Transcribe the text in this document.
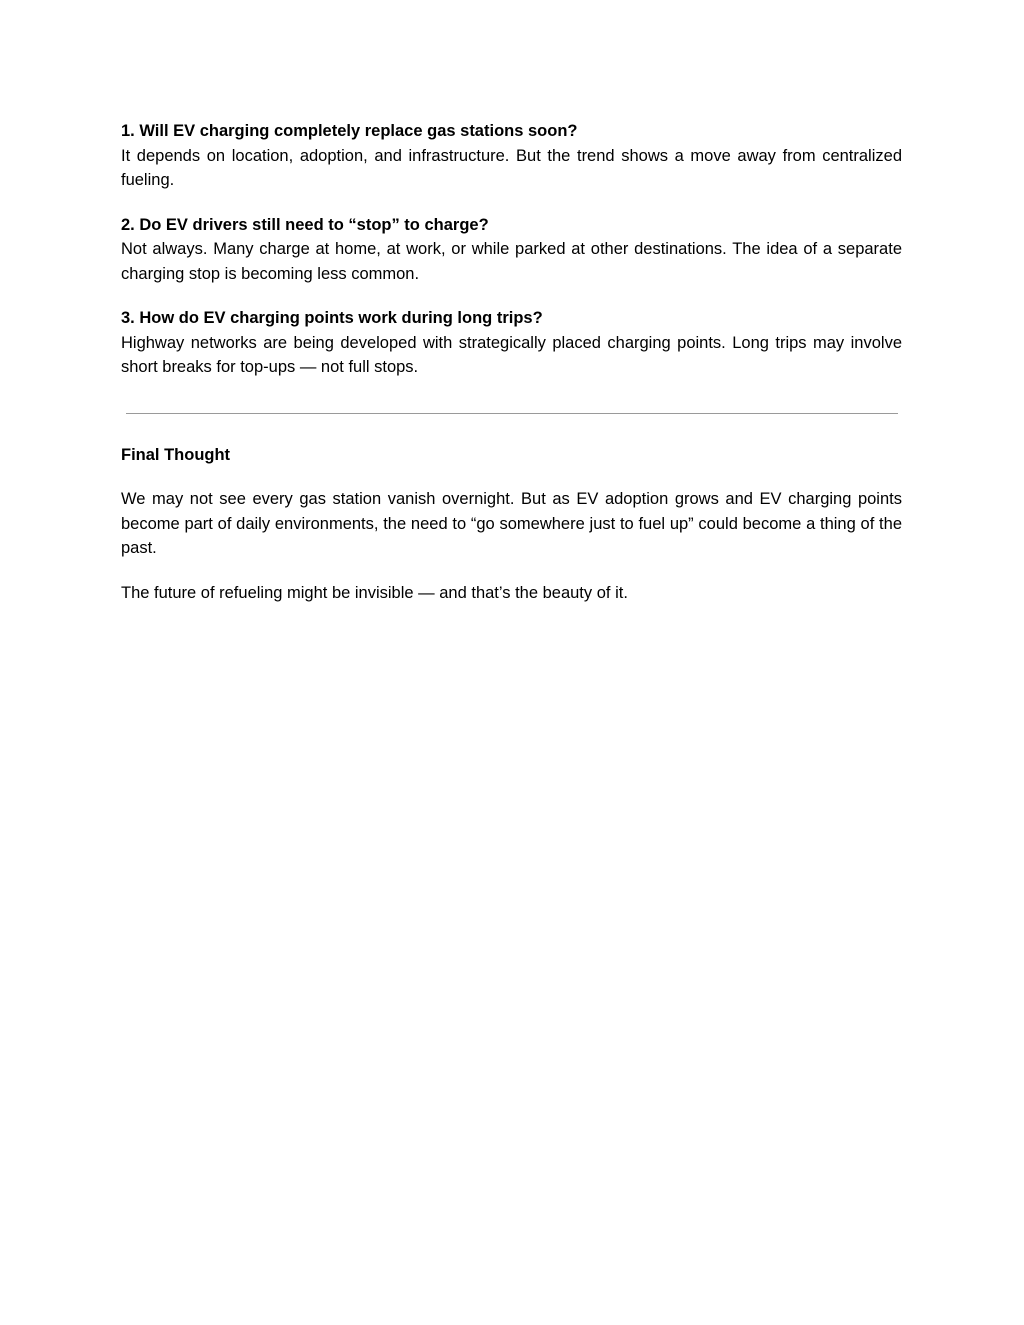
1. Will EV charging completely replace gas stations soon?

It depends on location, adoption, and infrastructure. But the trend shows a move away from centralized fueling.

2. Do EV drivers still need to “stop” to charge?

Not always. Many charge at home, at work, or while parked at other destinations. The idea of a separate charging stop is becoming less common.

3. How do EV charging points work during long trips?

Highway networks are being developed with strategically placed charging points. Long trips may involve short breaks for top-ups — not full stops.

Final Thought

We may not see every gas station vanish overnight. But as EV adoption grows and EV charging points become part of daily environments, the need to “go somewhere just to fuel up” could become a thing of the past.

The future of refueling might be invisible — and that’s the beauty of it.
